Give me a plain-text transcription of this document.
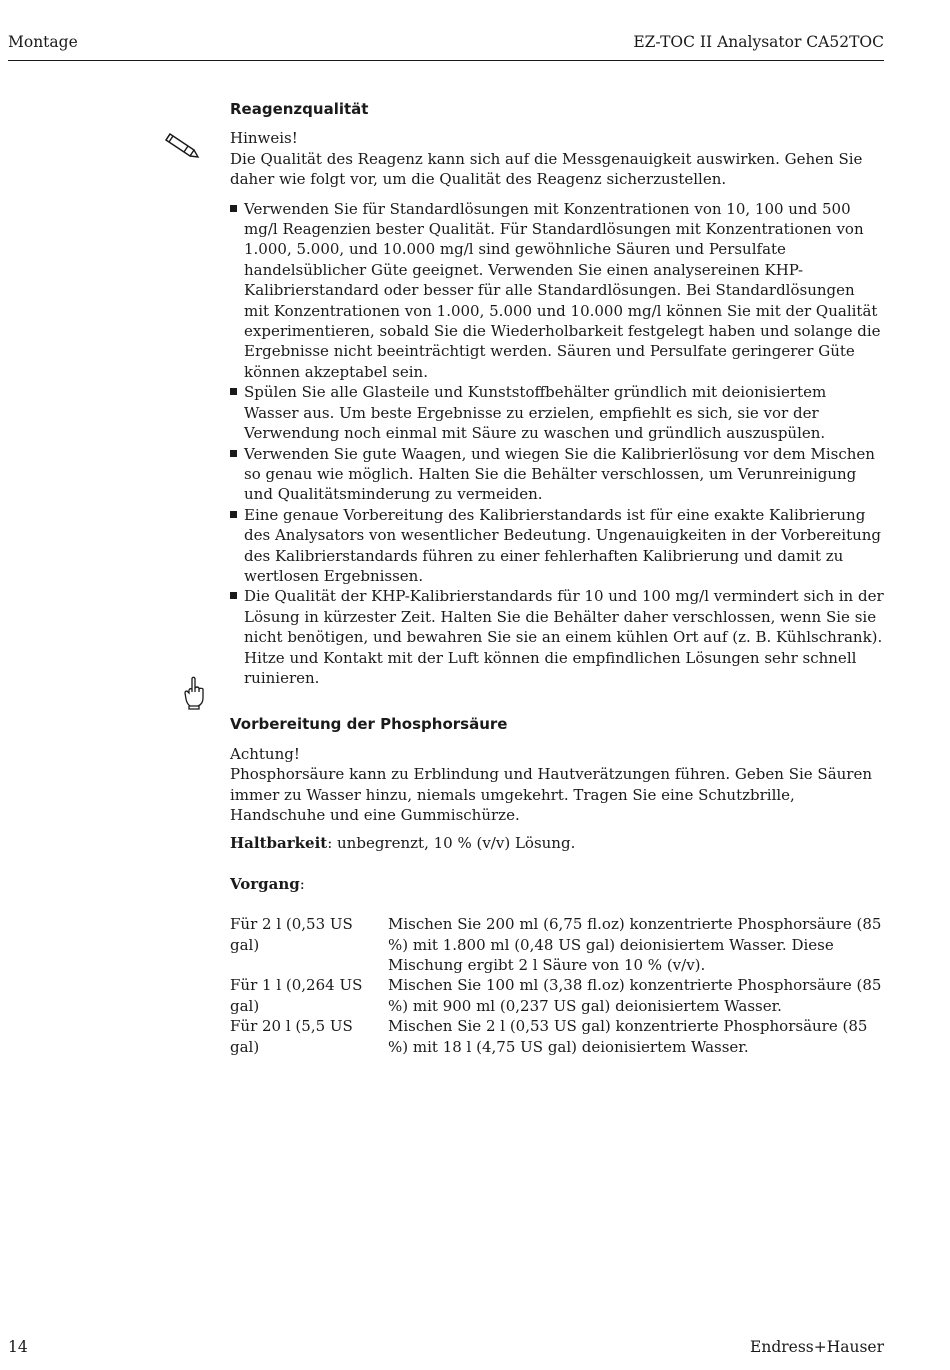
Montage	EZ-TOC II Analysator CA52TOC
Reagenzqualität

Hinweis!

Die Qualität des Reagenz kann sich auf die Messgenauigkeit auswirken. Gehen Sie daher wie folgt vor, um die Qualität des Reagenz sicherzustellen.

Verwenden Sie für Standardlösungen mit Konzentrationen von 10, 100 und 500 mg/l Reagenzien bester Qualität. Für Standardlösungen mit Konzentrationen von 1.000, 5.000, und 10.000 mg/l sind gewöhnliche Säuren und Persulfate handelsüblicher Güte geeignet. Verwenden Sie einen analysereinen KHP-Kalibrierstandard oder besser für alle Standardlösungen. Bei Standardlösungen mit Konzentrationen von 1.000, 5.000 und 10.000 mg/l können Sie mit der Qualität experimentieren, sobald Sie die Wiederholbarkeit festgelegt haben und solange die Ergebnisse nicht beeinträchtigt werden. Säuren und Persulfate geringerer Güte können akzeptabel sein.
Spülen Sie alle Glasteile und Kunststoffbehälter gründlich mit deionisiertem Wasser aus. Um beste Ergebnisse zu erzielen, empfiehlt es sich, sie vor der Verwendung noch einmal mit Säure zu waschen und gründlich auszuspülen.
Verwenden Sie gute Waagen, und wiegen Sie die Kalibrierlösung vor dem Mischen so genau wie möglich. Halten Sie die Behälter verschlossen, um Verunreinigung und Qualitätsminderung zu vermeiden.
Eine genaue Vorbereitung des Kalibrierstandards ist für eine exakte Kalibrierung des Analysators von wesentlicher Bedeutung. Ungenauigkeiten in der Vorbereitung des Kalibrierstandards führen zu einer fehlerhaften Kalibrierung und damit zu wertlosen Ergebnissen.
Die Qualität der KHP-Kalibrierstandards für 10 und 100 mg/l vermindert sich in der Lösung in kürzester Zeit. Halten Sie die Behälter daher verschlossen, wenn Sie sie nicht benötigen, und bewahren Sie sie an einem kühlen Ort auf (z. B. Kühlschrank). Hitze und Kontakt mit der Luft können die empfindlichen Lösungen sehr schnell ruinieren.
Vorbereitung der Phosphorsäure

Achtung!

Phosphorsäure kann zu Erblindung und Hautverätzungen führen. Geben Sie Säuren immer zu Wasser hinzu, niemals umgekehrt. Tragen Sie eine Schutzbrille, Handschuhe und eine Gummischürze.

Haltbarkeit: unbegrenzt, 10 % (v/v) Lösung.

Vorgang:

Für 2 l (0,53 US gal)
Mischen Sie 200 ml (6,75 fl.oz) konzentrierte Phosphorsäure (85 %) mit 1.800 ml (0,48 US gal) deionisiertem Wasser. Diese Mischung ergibt 2 l Säure von 10 % (v/v).
Für 1 l (0,264 US gal)
Mischen Sie 100 ml (3,38 fl.oz) konzentrierte Phosphorsäure (85 %) mit 900 ml (0,237 US gal) deionisiertem Wasser.
Für 20 l (5,5 US gal)
Mischen Sie 2 l (0,53 US gal) konzentrierte Phosphorsäure (85 %) mit 18 l (4,75 US gal) deionisiertem Wasser.
14	Endress+Hauser
